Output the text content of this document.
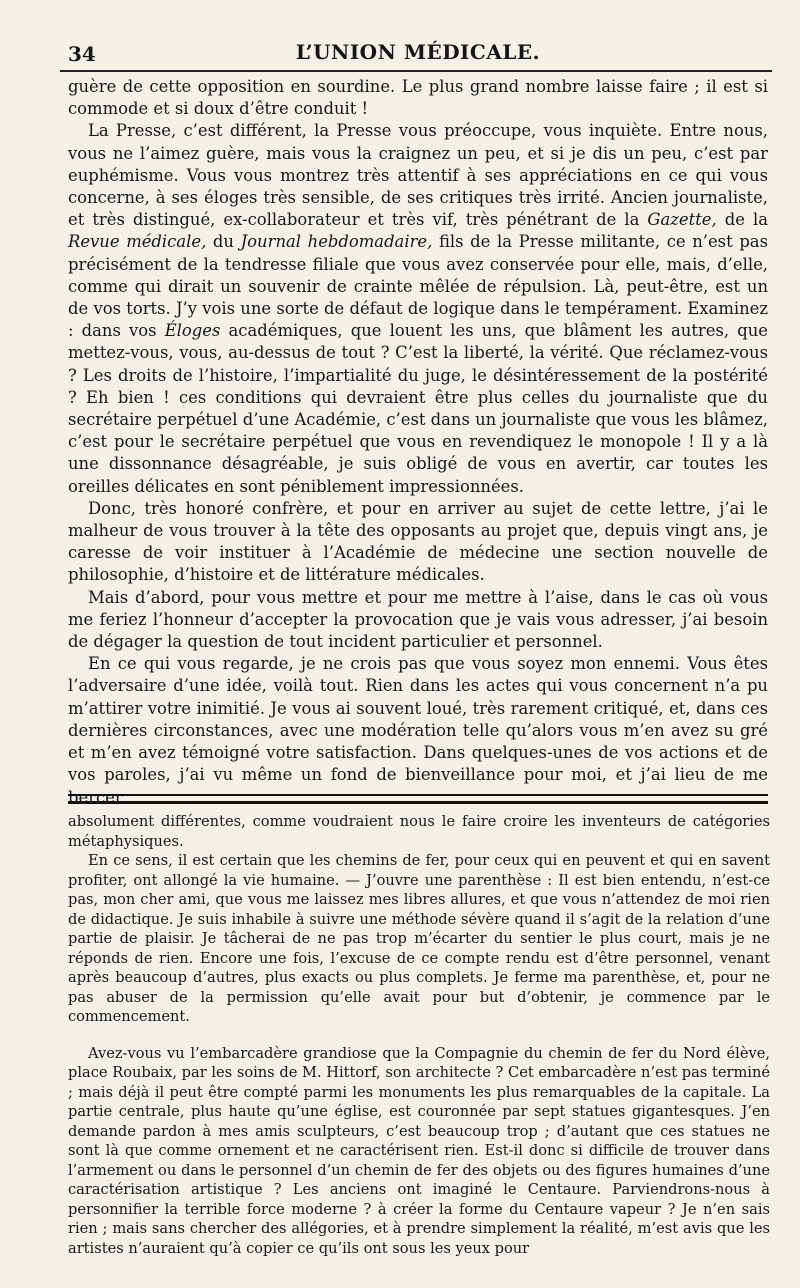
34	L’UNION MÉDICALE.

guère de cette opposition en sourdine. Le plus grand nombre laisse faire ; il est si commode et si doux d’être conduit !

La Presse, c’est différent, la Presse vous préoccupe, vous inquiète. Entre nous, vous ne l’aimez guère, mais vous la craignez un peu, et si je dis un peu, c’est par euphémisme. Vous vous montrez très attentif à ses appréciations en ce qui vous concerne, à ses éloges très sensible, de ses critiques très irrité. Ancien journaliste, et très distingué, ex-collaborateur et très vif, très pénétrant de la Gazette, de la Revue médicale, du Journal hebdomadaire, fils de la Presse militante, ce n’est pas précisément de la tendresse filiale que vous avez conservée pour elle, mais, d’elle, comme qui dirait un souvenir de crainte mêlée de répulsion. Là, peut-être, est un de vos torts. J’y vois une sorte de défaut de logique dans le tempérament. Examinez : dans vos Éloges académiques, que louent les uns, que blâment les autres, que mettez-vous, vous, au-dessus de tout ? C’est la liberté, la vérité. Que réclamez-vous ? Les droits de l’histoire, l’impartialité du juge, le désintéressement de la postérité ? Eh bien ! ces conditions qui devraient être plus celles du journaliste que du secrétaire perpétuel d’une Académie, c’est dans un journaliste que vous les blâmez, c’est pour le secrétaire perpétuel que vous en revendiquez le monopole ! Il y a là une dissonnance désagréable, je suis obligé de vous en avertir, car toutes les oreilles délicates en sont péniblement impressionnées.

Donc, très honoré confrère, et pour en arriver au sujet de cette lettre, j’ai le malheur de vous trouver à la tête des opposants au projet que, depuis vingt ans, je caresse de voir instituer à l’Académie de médecine une section nouvelle de philosophie, d’histoire et de littérature médicales.

Mais d’abord, pour vous mettre et pour me mettre à l’aise, dans le cas où vous me feriez l’honneur d’accepter la provocation que je vais vous adresser, j’ai besoin de dégager la question de tout incident particulier et personnel.

En ce qui vous regarde, je ne crois pas que vous soyez mon ennemi. Vous êtes l’adversaire d’une idée, voilà tout. Rien dans les actes qui vous concernent n’a pu m’attirer votre inimitié. Je vous ai souvent loué, très rarement critiqué, et, dans ces dernières circonstances, avec une modération telle qu’alors vous m’en avez su gré et m’en avez témoigné votre satisfaction. Dans quelques-unes de vos actions et de vos paroles, j’ai vu même un fond de bienveillance pour moi, et j’ai lieu de me bercer

absolument différentes, comme voudraient nous le faire croire les inventeurs de catégories métaphysiques.

En ce sens, il est certain que les chemins de fer, pour ceux qui en peuvent et qui en savent profiter, ont allongé la vie humaine. — J’ouvre une parenthèse : Il est bien entendu, n’est-ce pas, mon cher ami, que vous me laissez mes libres allures, et que vous n’attendez de moi rien de didactique. Je suis inhabile à suivre une méthode sévère quand il s’agit de la relation d’une partie de plaisir. Je tâcherai de ne pas trop m’écarter du sentier le plus court, mais je ne réponds de rien. Encore une fois, l’excuse de ce compte rendu est d’être personnel, venant après beaucoup d’autres, plus exacts ou plus complets. Je ferme ma parenthèse, et, pour ne pas abuser de la permission qu’elle avait pour but d’obtenir, je commence par le commencement.

Avez-vous vu l’embarcadère grandiose que la Compagnie du chemin de fer du Nord élève, place Roubaix, par les soins de M. Hittorf, son architecte ? Cet embarcadère n’est pas terminé ; mais déjà il peut être compté parmi les monuments les plus remarquables de la capitale. La partie centrale, plus haute qu’une église, est couronnée par sept statues gigantesques. J’en demande pardon à mes amis sculpteurs, c’est beaucoup trop ; d’autant que ces statues ne sont là que comme ornement et ne caractérisent rien. Est-il donc si difficile de trouver dans l’armement ou dans le personnel d’un chemin de fer des objets ou des figures humaines d’une caractérisation artistique ? Les anciens ont imaginé le Centaure. Parviendrons-nous à personnifier la terrible force moderne ? à créer la forme du Centaure vapeur ? Je n’en sais rien ; mais sans chercher des allégories, et à prendre simplement la réalité, m’est avis que les artistes n’auraient qu’à copier ce qu’ils ont sous les yeux pour
